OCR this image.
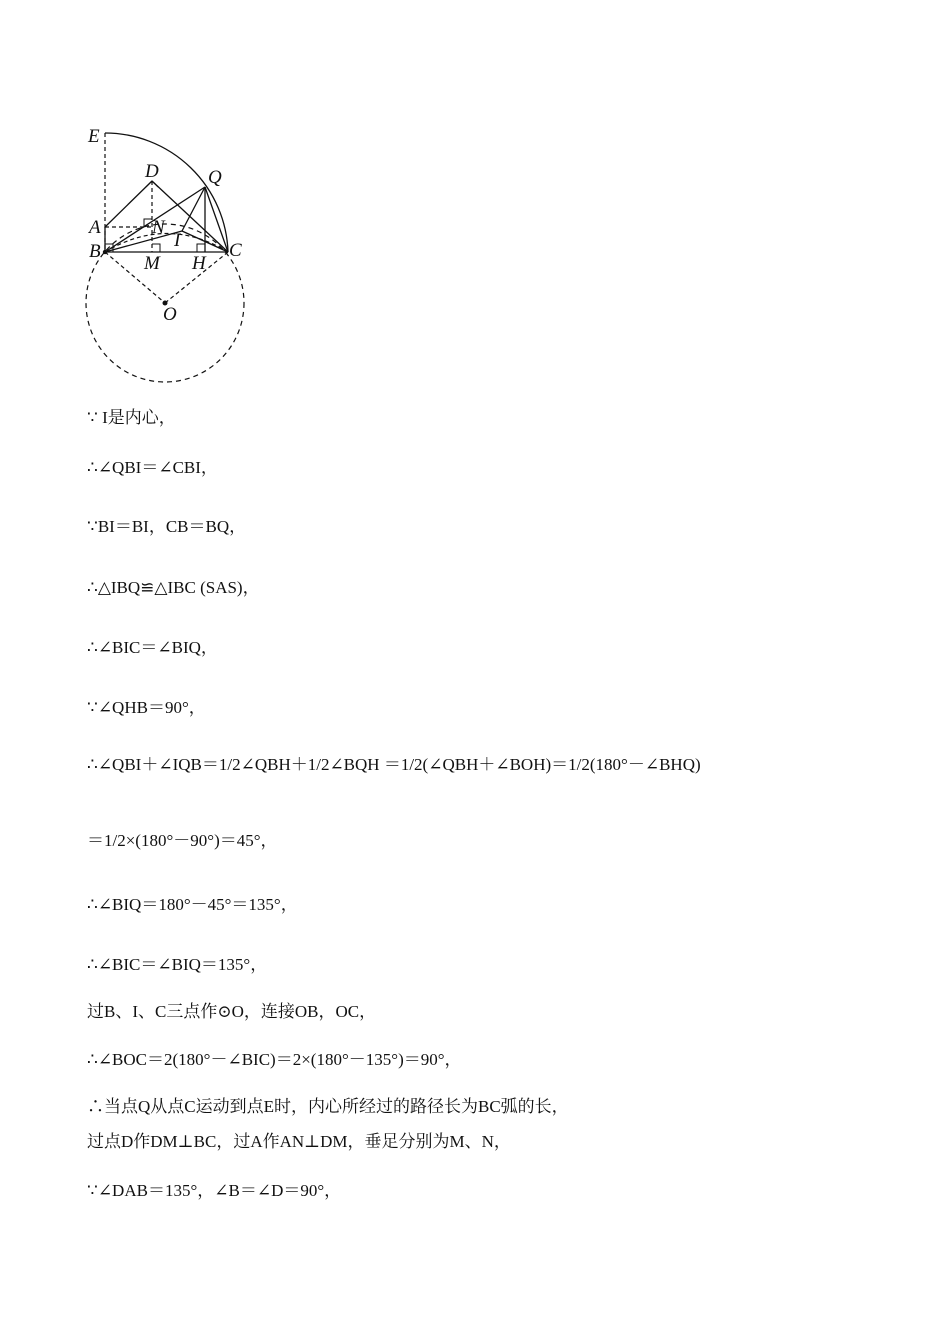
E
D	Q
A	N
I
B	C
M H
O
∵ I是内心，
∴∠QBI＝∠CBI，
∵BI＝BI，CB＝BQ，
∴△IBQ≌△IBC (SAS)，
∴∠BIC＝∠BIQ，
∵∠QHB＝90°，
∴∠QBI＋∠IQB＝1/2∠QBH＋1/2∠BQH ＝1/2(∠QBH＋∠BOH)＝1/2(180°－∠BHQ)
＝1/2×(180°－90°)＝45°，
∴∠BIQ＝180°－45°＝135°，
∴∠BIC＝∠BIQ＝135°，
过B、I、C三点作⊙O，连接OB，OC，
∴∠BOC＝2(180°－∠BIC)＝2×(180°－135°)＝90°，
∴当点Q从点C运动到点E时，内心所经过的路径长为BC弧的长，
过点D作DM⊥BC，过A作AN⊥DM，垂足分别为M、N，
∵∠DAB＝135°，∠B＝∠D＝90°，
